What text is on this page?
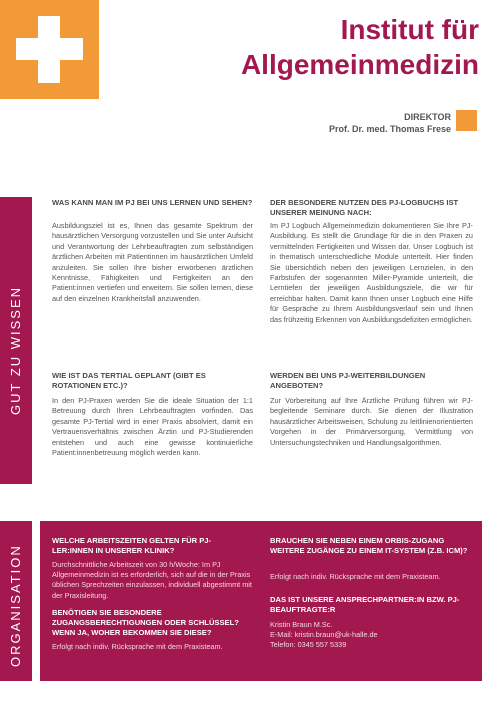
Institut für
Allgemeinmedizin
DIREKTOR
Prof. Dr. med. Thomas Frese
GUT ZU WISSEN
ORGANISATION
WAS KANN MAN IM PJ BEI UNS LERNEN UND SEHEN?
Ausbildungsziel ist es, Ihnen das gesamte Spektrum der hausärztlichen Versorgung vorzustellen und Sie unter Aufsicht und Verantwortung der Lehrbeauftragten zum selbständigen ärztlichen Arbeiten mit Patientinnen im hausärztlichen Umfeld anzuleiten. Sie sollen Ihre bisher erworbenen ärztlichen Kenntnisse, Fähigkeiten und Fertigkeiten an den Patient:innen vertiefen und erweitern. Sie sollen lernen, diese auf den einzelnen Krankheitsfall anzuwenden.
DER BESONDERE NUTZEN DES PJ-LOGBUCHS IST UNSERER MEINUNG NACH:
Im PJ Logbuch Allgemeinmedizin dokumentieren Sie Ihre PJ-Ausbildung. Es stellt die Grundlage für die in den Praxen zu vermittelnden Fertigkeiten und Wissen dar. Unser Logbuch ist in thematisch unterschiedliche Module unterteilt. Hier finden Sie übersichtlich neben den jeweiligen Lernzielen, in den Farbstufen der sogenannten Miller-Pyramide unterteilt, die Lerntiefen der jeweiligen Ausbildungsziele, die wir für erreichbar halten. Damit kann Ihnen unser Logbuch eine Hilfe für Gespräche zu Ihrem Ausbildungsverlauf sein und Ihnen das frühzeitig Erkennen von Ausbildungsdefiziten ermöglichen.
WIE IST DAS TERTIAL GEPLANT (GIBT ES ROTATIONEN ETC.)?
In den PJ-Praxen werden Sie die ideale Situation der 1:1 Betreuung durch Ihren Lehrbeauftragten vorfinden. Das gesamte PJ-Tertial wird in einer Praxis absolviert, damit ein Vertrauensverhältnis zwischen Ärztin und PJ-Studierenden entstehen und auch eine gewisse kontinuierliche Patient:innenbetreuung möglich werden kann.
WERDEN BEI UNS PJ-WEITERBILDUNGEN ANGEBOTEN?
Zur Vorbereitung auf Ihre Ärztliche Prüfung führen wir PJ-begleitende Seminare durch. Sie dienen der Illustration hausärztlicher Arbeitsweisen, Schulung zu leitlinienorientierten Vorgehen in der Primärversorgung, Vermittlung von Untersuchungstechniken und Handlungsalgorithmen.
WELCHE ARBEITSZEITEN GELTEN FÜR PJ-LER:INNEN IN UNSERER KLINIK?
Durchschnittliche Arbeitszeit von 30 h/Woche: Im PJ Allgemeinmedizin ist es erforderlich, sich auf die in der Praxis üblichen Sprechzeiten einzulassen, individuell abgestimmt mit der Praxisleitung.
BENÖTIGEN SIE BESONDERE ZUGANGSBERECHTIGUNGEN ODER SCHLÜSSEL? WENN JA, WOHER BEKOMMEN SIE DIESE?
Erfolgt nach indiv. Rücksprache mit dem Praxisteam.
BRAUCHEN SIE NEBEN EINEM ORBIS-ZUGANG WEITERE ZUGÄNGE ZU EINEM IT-SYSTEM (Z.B. ICM)?
Erfolgt nach indiv. Rücksprache mit dem Praxisteam.
DAS IST UNSERE ANSPRECHPARTNER:IN BZW. PJ-BEAUFTRAGTE:R
Kristin Braun M.Sc.
E-Mail: kristin.braun@uk-halle.de
Telefon: 0345 557 5339
